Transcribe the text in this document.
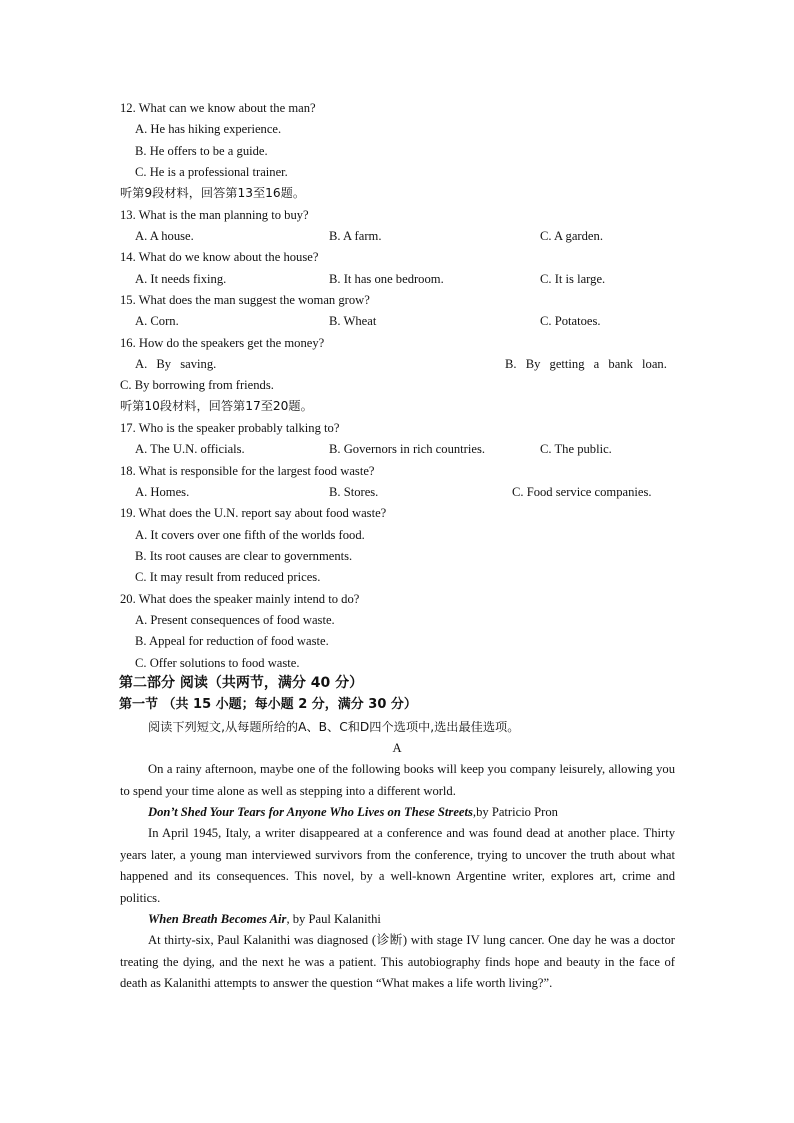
12. What can we know about the man?
A. He has hiking experience.
B. He offers to be a guide.
C. He is a professional trainer.
听第9段材料，回答第13至16题。
13. What is the man planning to buy?
A. A house.	B. A farm.	C. A garden.
14. What do we know about the house?
A. It needs fixing.	B. It has one bedroom.	C. It is large.
15. What does the man suggest the woman grow?
A. Corn.	B. Wheat	C. Potatoes.
16. How do the speakers get the money?
A. By saving.	B. By getting a bank loan.
C. By borrowing from friends.
听第10段材料，回答第17至20题。
17. Who is the speaker probably talking to?
A. The U.N. officials.	B. Governors in rich countries.	C. The public.
18. What is responsible for the largest food waste?
A. Homes.	B. Stores.	C. Food service companies.
19. What does the U.N. report say about food waste?
A. It covers over one fifth of the worlds food.
B. Its root causes are clear to governments.
C. It may result from reduced prices.
20. What does the speaker mainly intend to do?
A. Present consequences of food waste.
B. Appeal for reduction of food waste.
C. Offer solutions to food waste.
第二部分 阅读（共两节，满分 40 分）
第一节 （共 15 小题；每小题 2 分，满分 30 分）
阅读下列短文,从每题所给的A、B、C和D四个选项中,选出最佳选项。
A
On a rainy afternoon, maybe one of the following books will keep you company leisurely, allowing you to spend your time alone as well as stepping into a different world.
Don’t Shed Your Tears for Anyone Who Lives on These Streets,by Patricio Pron
In April 1945, Italy, a writer disappeared at a conference and was found dead at another place. Thirty years later, a young man interviewed survivors from the conference, trying to uncover the truth about what happened and its consequences. This novel, by a well-known Argentine writer, explores art, crime and politics.
When Breath Becomes Air, by Paul Kalanithi
At thirty-six, Paul Kalanithi was diagnosed (诊断) with stage IV lung cancer. One day he was a doctor treating the dying, and the next he was a patient. This autobiography finds hope and beauty in the face of death as Kalanithi attempts to answer the question “What makes a life worth living?”.
